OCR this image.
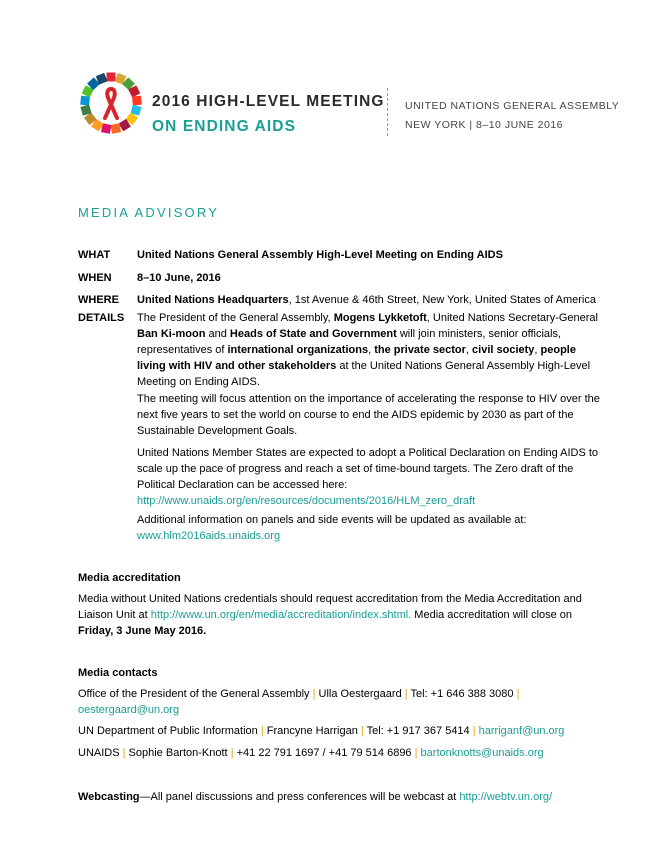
2016 HIGH-LEVEL MEETING
ON ENDING AIDS
UNITED NATIONS GENERAL ASSEMBLY
NEW YORK | 8–10 JUNE 2016
MEDIA ADVISORY
WHAT	United Nations General Assembly High-Level Meeting on Ending AIDS
WHEN	8–10 June, 2016
WHERE	United Nations Headquarters, 1st Avenue & 46th Street, New York, United States of America
DETAILS	The President of the General Assembly, Mogens Lykketoft, United Nations Secretary-General Ban Ki-moon and Heads of State and Government will join ministers, senior officials, representatives of international organizations, the private sector, civil society, people living with HIV and other stakeholders at the United Nations General Assembly High-Level Meeting on Ending AIDS.
The meeting will focus attention on the importance of accelerating the response to HIV over the next five years to set the world on course to end the AIDS epidemic by 2030 as part of the Sustainable Development Goals.
United Nations Member States are expected to adopt a Political Declaration on Ending AIDS to scale up the pace of progress and reach a set of time-bound targets. The Zero draft of the Political Declaration can be accessed here:
http://www.unaids.org/en/resources/documents/2016/HLM_zero_draft
Additional information on panels and side events will be updated as available at:
www.hlm2016aids.unaids.org
Media accreditation
Media without United Nations credentials should request accreditation from the Media Accreditation and Liaison Unit at http://www.un.org/en/media/accreditation/index.shtml. Media accreditation will close on Friday, 3 June May 2016.
Media contacts
Office of the President of the General Assembly | Ulla Oestergaard | Tel: +1 646 388 3080 |
oestergaard@un.org
UN Department of Public Information | Francyne Harrigan | Tel: +1 917 367 5414 | harriganf@un.org
UNAIDS | Sophie Barton-Knott | +41 22 791 1697 / +41 79 514 6896 | bartonknotts@unaids.org
Webcasting—All panel discussions and press conferences will be webcast at http://webtv.un.org/
